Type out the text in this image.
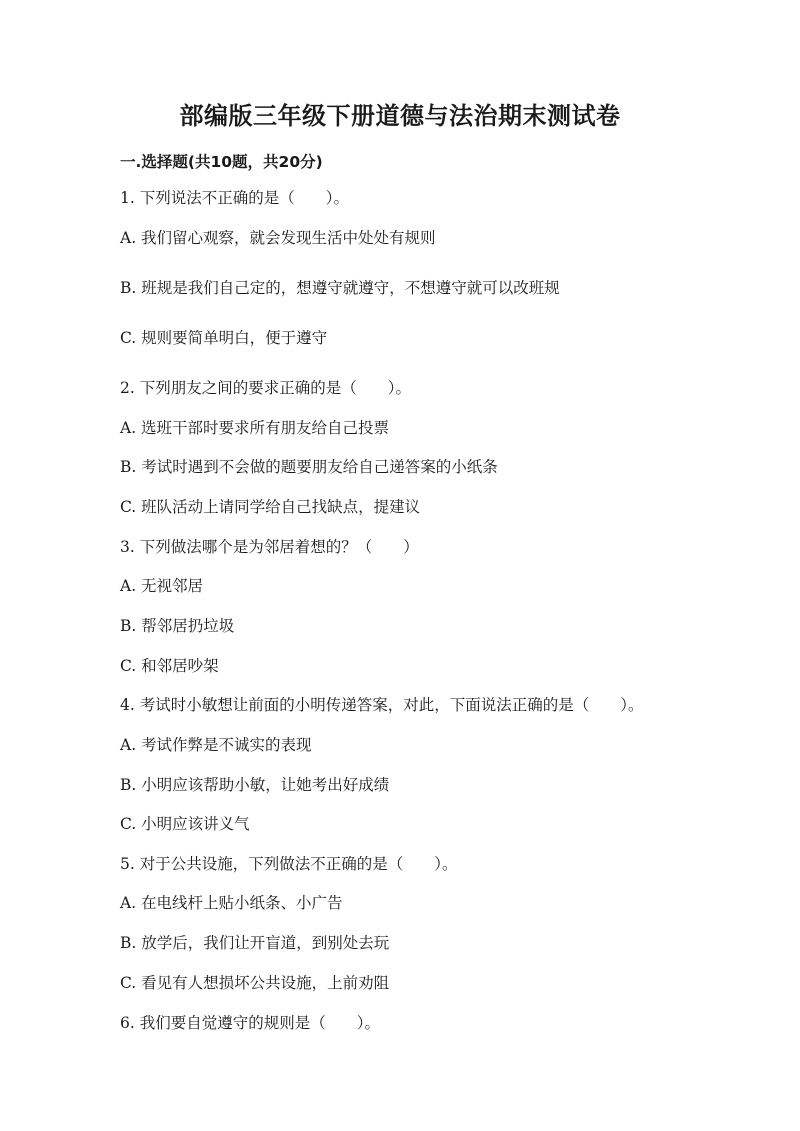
部编版三年级下册道德与法治期末测试卷
一.选择题(共10题，共20分)
1. 下列说法不正确的是（　　）。
A. 我们留心观察，就会发现生活中处处有规则
B. 班规是我们自己定的，想遵守就遵守，不想遵守就可以改班规
C. 规则要简单明白，便于遵守
2. 下列朋友之间的要求正确的是（　　）。
A. 选班干部时要求所有朋友给自己投票
B. 考试时遇到不会做的题要朋友给自己递答案的小纸条
C. 班队活动上请同学给自己找缺点，提建议
3. 下列做法哪个是为邻居着想的？（　　）
A. 无视邻居
B. 帮邻居扔垃圾
C. 和邻居吵架
4. 考试时小敏想让前面的小明传递答案，对此，下面说法正确的是（　　）。
A. 考试作弊是不诚实的表现
B. 小明应该帮助小敏，让她考出好成绩
C. 小明应该讲义气
5. 对于公共设施，下列做法不正确的是（　　）。
A. 在电线杆上贴小纸条、小广告
B. 放学后，我们让开盲道，到别处去玩
C. 看见有人想损坏公共设施，上前劝阻
6. 我们要自觉遵守的规则是（　　）。
